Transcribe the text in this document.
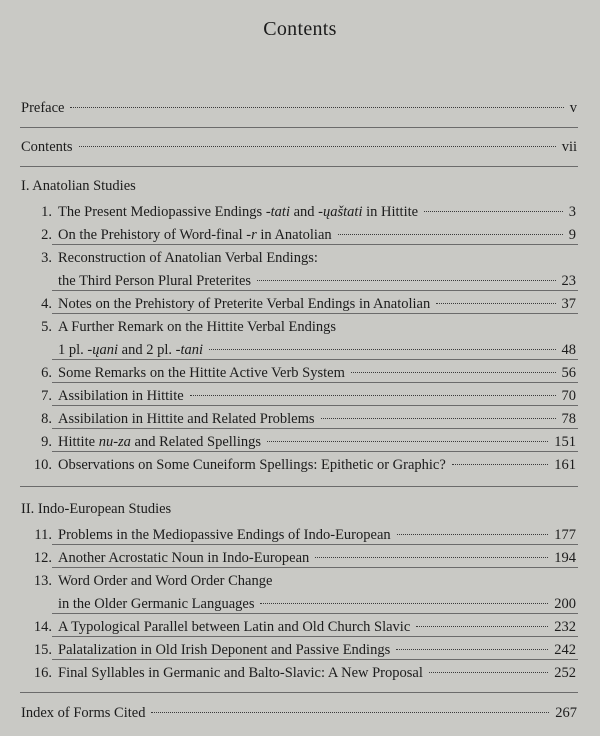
Contents
Preface	v
Contents	vii
I. Anatolian Studies
1. The Present Mediopassive Endings -tati and -ųaštati in Hittite	3
2. On the Prehistory of Word-final -r in Anatolian	9
3. Reconstruction of Anatolian Verbal Endings:
the Third Person Plural Preterites	23
4. Notes on the Prehistory of Preterite Verbal Endings in Anatolian	37
5. A Further Remark on the Hittite Verbal Endings
1 pl. -ųani and 2 pl. -tani	48
6. Some Remarks on the Hittite Active Verb System	56
7. Assibilation in Hittite	70
8. Assibilation in Hittite and Related Problems	78
9. Hittite nu-za and Related Spellings	151
10. Observations on Some Cuneiform Spellings: Epithetic or Graphic?	161
II. Indo-European Studies
11. Problems in the Mediopassive Endings of Indo-European	177
12. Another Acrostatic Noun in Indo-European	194
13. Word Order and Word Order Change
in the Older Germanic Languages	200
14. A Typological Parallel between Latin and Old Church Slavic	232
15. Palatalization in Old Irish Deponent and Passive Endings	242
16. Final Syllables in Germanic and Balto-Slavic: A New Proposal	252
Index of Forms Cited	267
